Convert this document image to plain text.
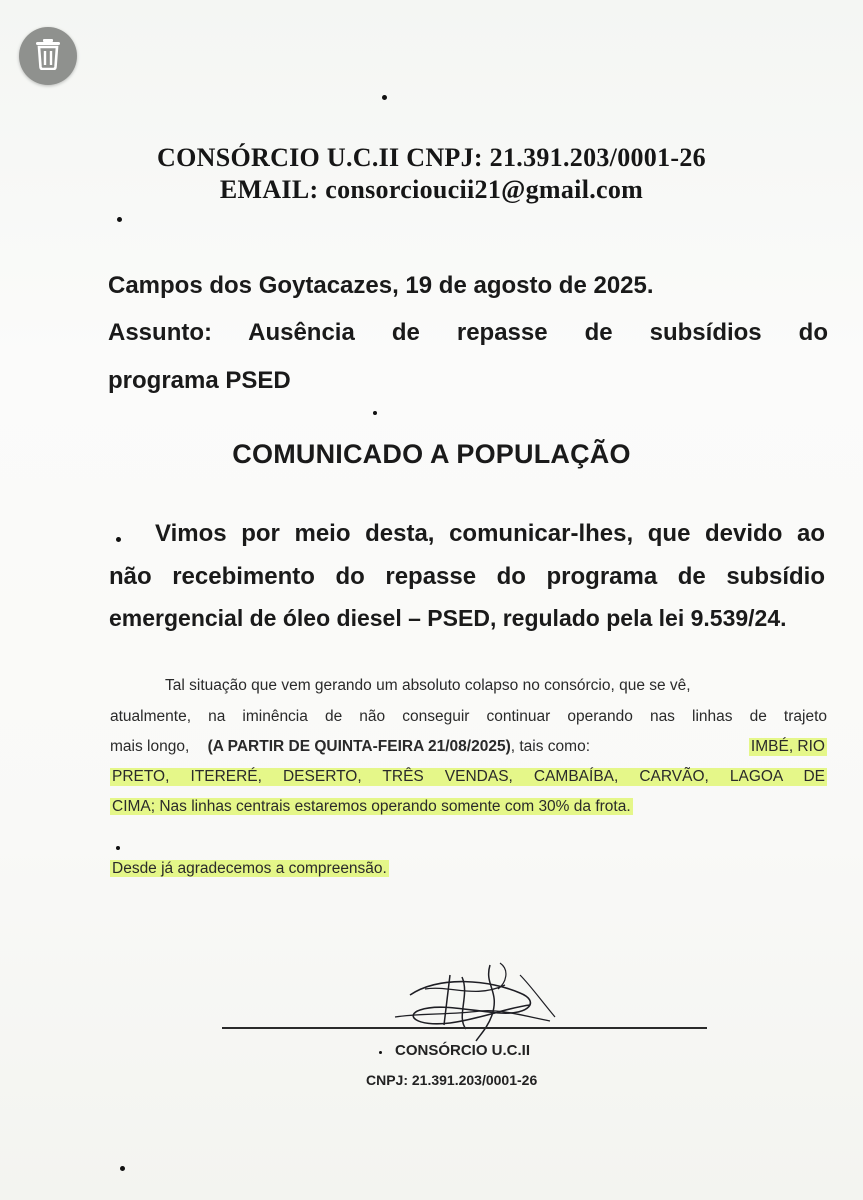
CONSÓRCIO U.C.II CNPJ: 21.391.203/0001-26
EMAIL: consorcioucii21@gmail.com
Campos dos Goytacazes, 19 de agosto de 2025.
Assunto: Ausência de repasse de subsídios do
programa PSED
COMUNICADO A POPULAÇÃO
Vimos por meio desta, comunicar-lhes, que devido ao
não recebimento do repasse do programa de subsídio
emergencial de óleo diesel – PSED, regulado pela lei 9.539/24.
Tal situação que vem gerando um absoluto colapso no consórcio, que se vê,
atualmente, na iminência de não conseguir continuar operando nas linhas de trajeto
mais longo, (A PARTIR DE QUINTA-FEIRA 21/08/2025), tais como:	IMBÉ, RIO
PRETO, ITERERÉ, DESERTO, TRÊS VENDAS, CAMBAÍBA, CARVÃO, LAGOA DE
CIMA; Nas linhas centrais estaremos operando somente com 30% da frota.
Desde já agradecemos a compreensão.
CONSÓRCIO U.C.II
CNPJ: 21.391.203/0001-26
